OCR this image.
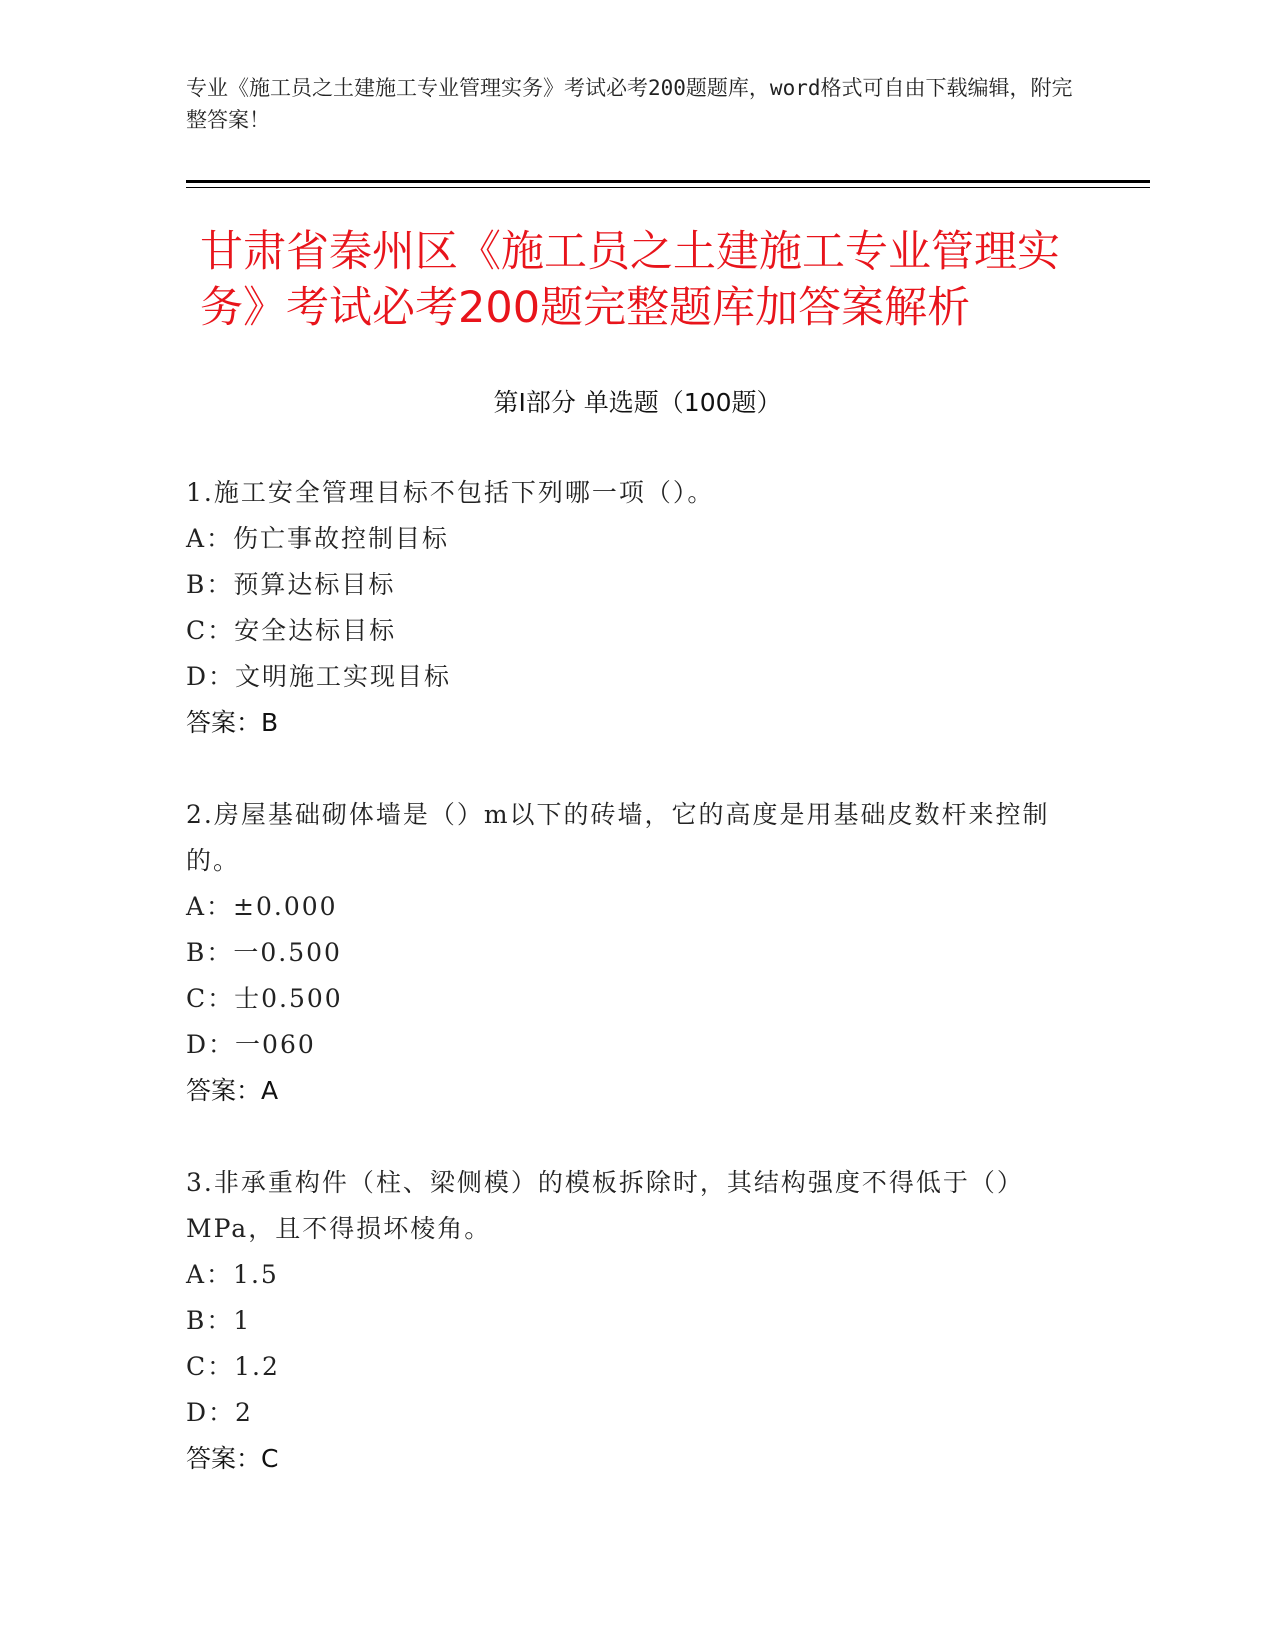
专业《施工员之土建施工专业管理实务》考试必考200题题库，word格式可自由下载编辑，附完整答案！
甘肃省秦州区《施工员之土建施工专业管理实务》考试必考200题完整题库加答案解析
第Ⅰ部分 单选题（100题）
1.施工安全管理目标不包括下列哪一项（）。
A：伤亡事故控制目标
B：预算达标目标
C：安全达标目标
D：文明施工实现目标
答案：B
2.房屋基础砌体墙是（）m以下的砖墙，它的高度是用基础皮数杆来控制的。
A：±0.000
B：一0.500
C：士0.500
D：一060
答案：A
3.非承重构件（柱、梁侧模）的模板拆除时，其结构强度不得低于（）MPa，且不得损坏棱角。
A：1.5
B：1
C：1.2
D：2
答案：C
